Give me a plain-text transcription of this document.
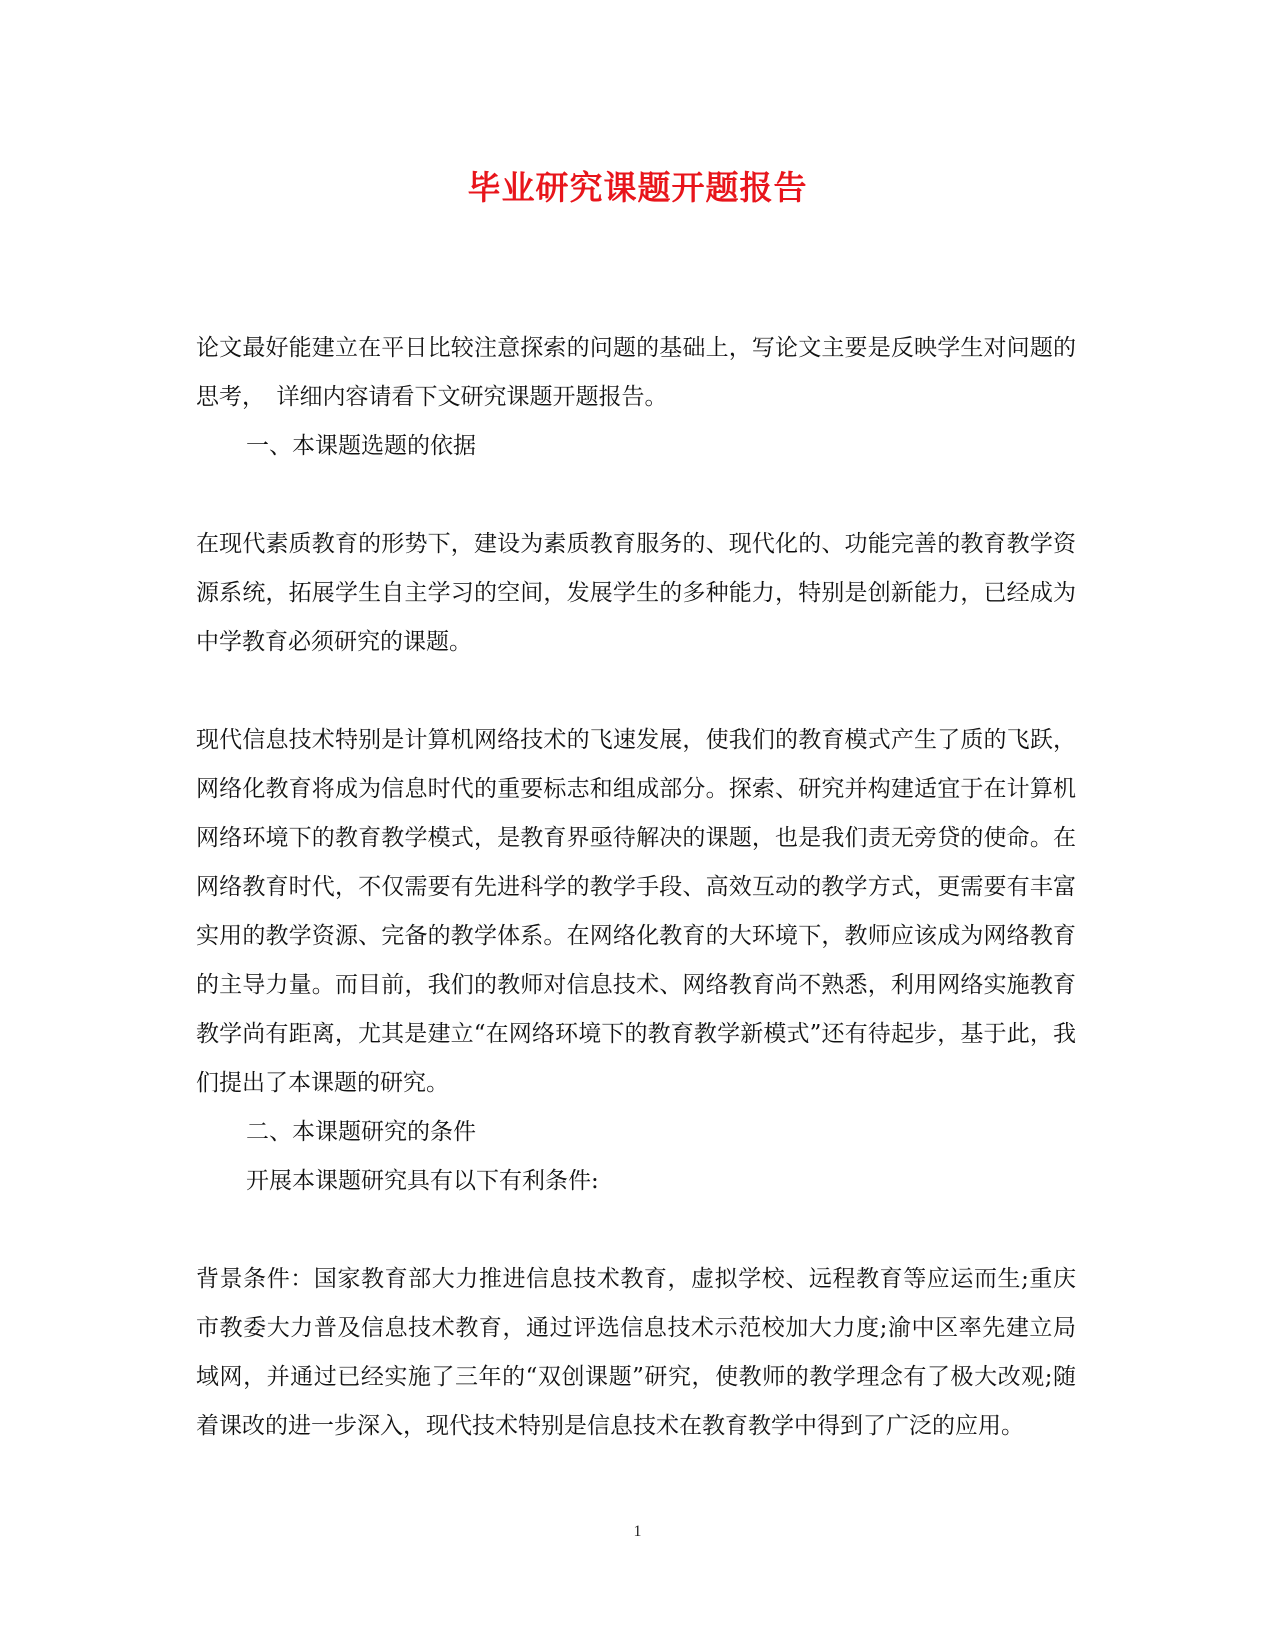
毕业研究课题开题报告

论文最好能建立在平日比较注意探索的问题的基础上，写论文主要是反映学生对问题的思考，　详细内容请看下文研究课题开题报告。

一、本课题选题的依据

在现代素质教育的形势下，建设为素质教育服务的、现代化的、功能完善的教育教学资源系统，拓展学生自主学习的空间，发展学生的多种能力，特别是创新能力，已经成为中学教育必须研究的课题。

现代信息技术特别是计算机网络技术的飞速发展，使我们的教育模式产生了质的飞跃，网络化教育将成为信息时代的重要标志和组成部分。探索、研究并构建适宜于在计算机网络环境下的教育教学模式，是教育界亟待解决的课题，也是我们责无旁贷的使命。在网络教育时代，不仅需要有先进科学的教学手段、高效互动的教学方式，更需要有丰富实用的教学资源、完备的教学体系。在网络化教育的大环境下，教师应该成为网络教育的主导力量。而目前，我们的教师对信息技术、网络教育尚不熟悉，利用网络实施教育教学尚有距离，尤其是建立“在网络环境下的教育教学新模式”还有待起步，基于此，我们提出了本课题的研究。

二、本课题研究的条件

开展本课题研究具有以下有利条件:

背景条件：国家教育部大力推进信息技术教育，虚拟学校、远程教育等应运而生;重庆市教委大力普及信息技术教育，通过评选信息技术示范校加大力度;渝中区率先建立局域网，并通过已经实施了三年的“双创课题”研究，使教师的教学理念有了极大改观;随着课改的进一步深入，现代技术特别是信息技术在教育教学中得到了广泛的应用。

1
